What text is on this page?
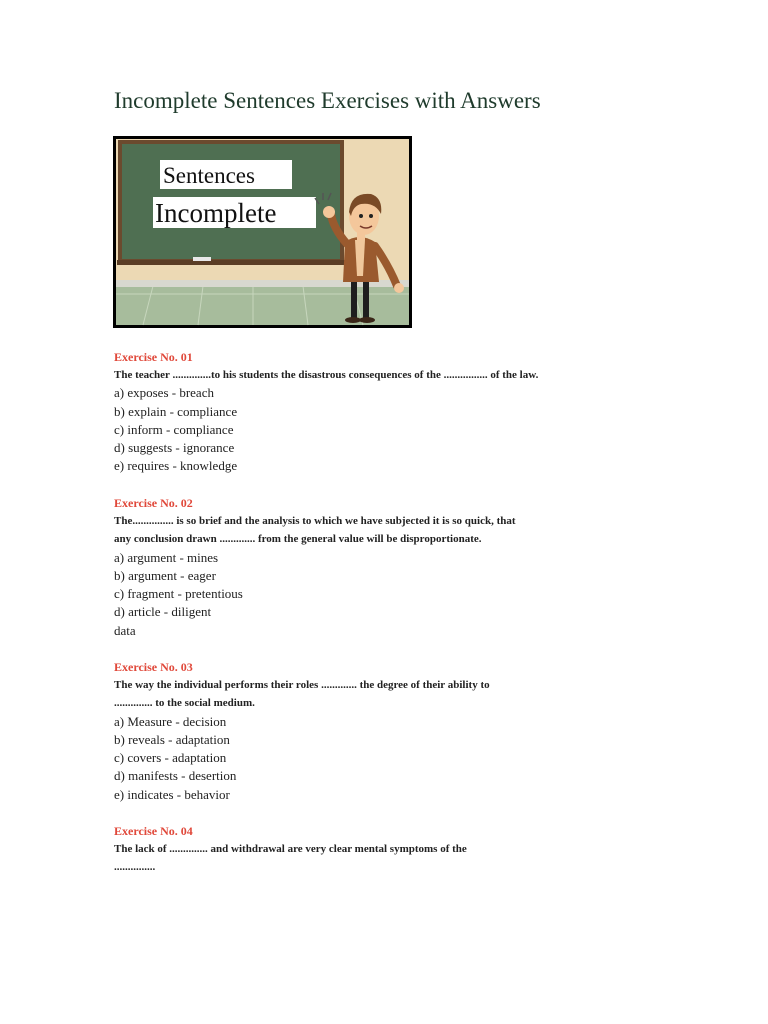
Incomplete Sentences Exercises with Answers
Sentences
Incomplete
Exercise No. 01
The teacher ..............to his students the disastrous consequences of the ................ of the law.
a) exposes - breach
b) explain - compliance
c) inform - compliance
d) suggests - ignorance
e) requires - knowledge
Exercise No. 02
The............... is so brief and the analysis to which we have subjected it is so quick, that
any conclusion drawn ............. from the general value will be disproportionate.
a) argument - mines
b) argument - eager
c) fragment - pretentious
d) article - diligent
data
Exercise No. 03
The way the individual performs their roles ............. the degree of their ability to
.............. to the social medium.
a) Measure - decision
b) reveals - adaptation
c) covers - adaptation
d) manifests - desertion
e) indicates - behavior
Exercise No. 04
The lack of .............. and withdrawal are very clear mental symptoms of the
...............
